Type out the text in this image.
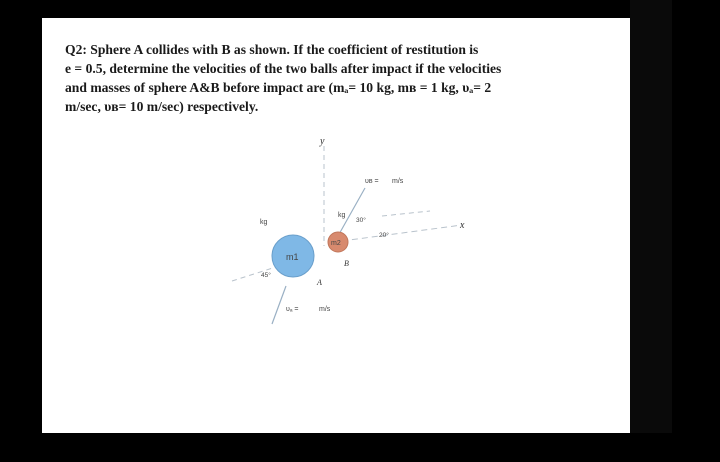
Q2: Sphere A collides with B as shown. If the coefficient of restitution is
e = 0.5, determine the velocities of the two balls after impact if the velocities
and masses of sphere A&B before impact are (mₐ= 10 kg, mʙ = 1 kg, υₐ= 2
m/sec, υʙ= 10 m/sec) respectively.
y
x
m1
m2
υʙ = m/s
kg
kg
30°
20°
45°
B
A
υₐ =	m/s
